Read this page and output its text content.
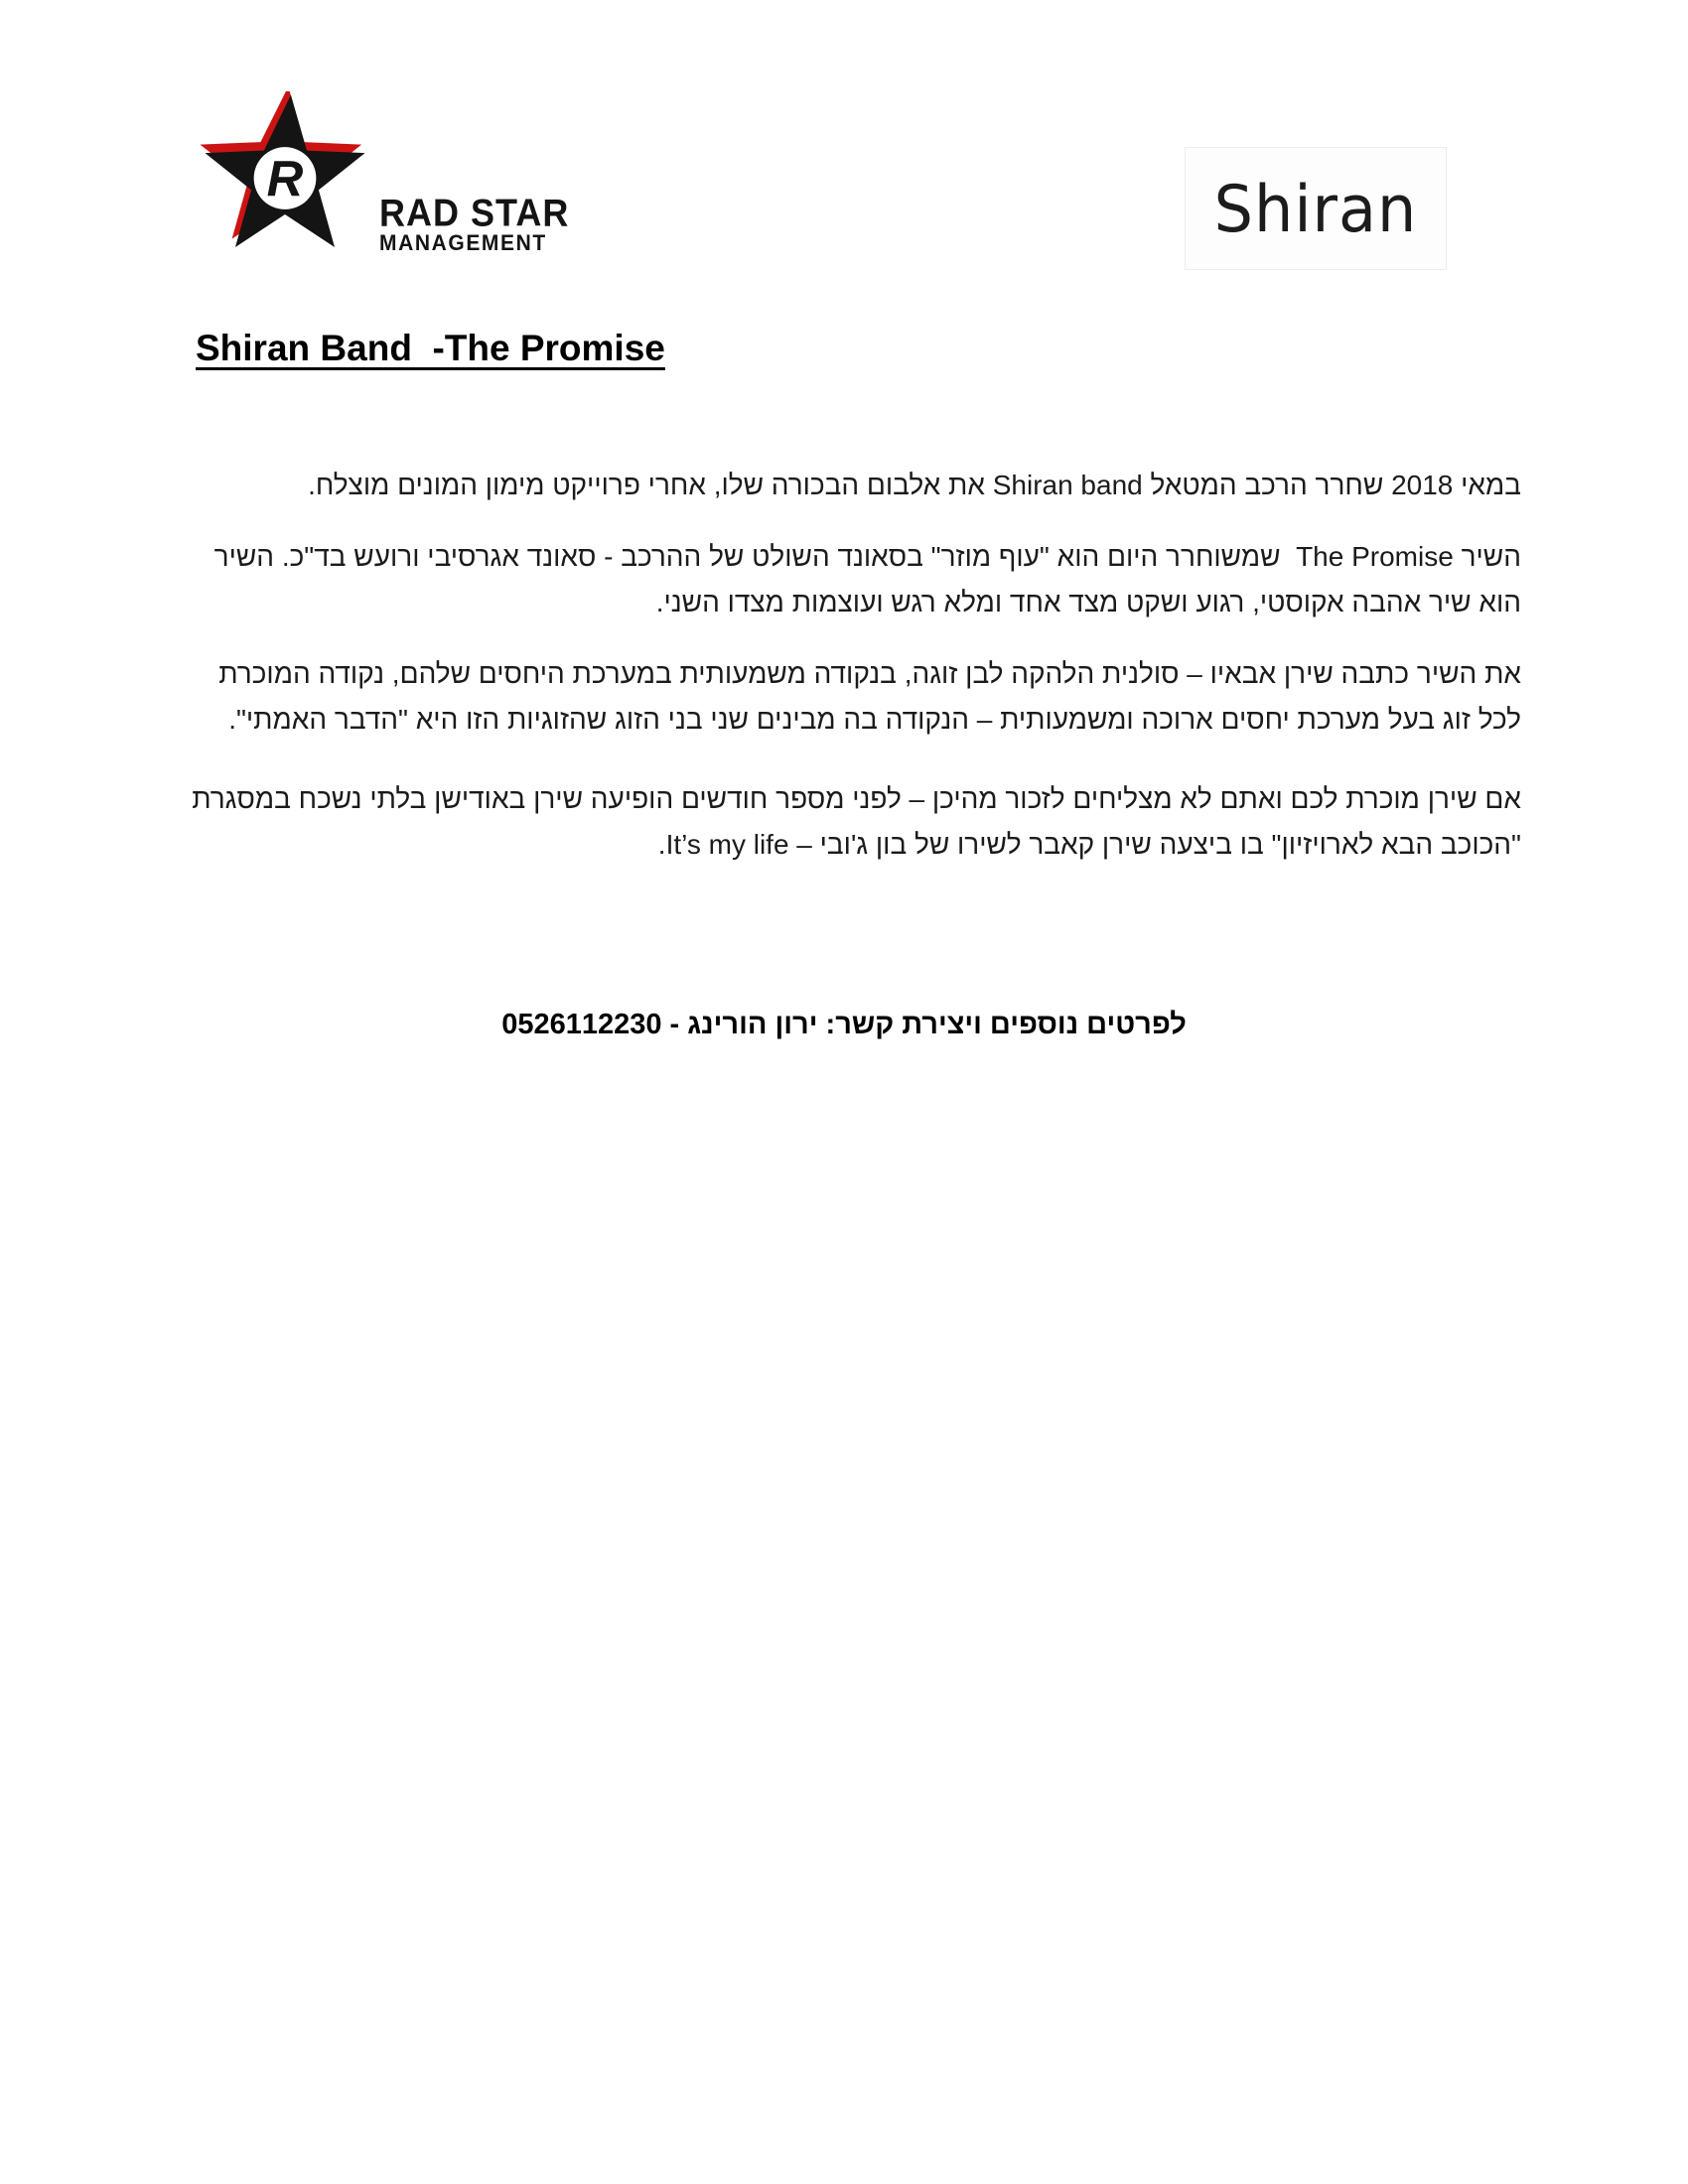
R
RAD STAR
MANAGEMENT	Shiran
Shiran Band  -The Promise

במאי 2018 שחרר הרכב המטאל Shiran band את אלבום הבכורה שלו, אחרי פרוייקט מימון המונים מוצלח.

השיר The Promise  שמשוחרר היום הוא "עוף מוזר" בסאונד השולט של ההרכב - סאונד אגרסיבי ורועש בד"כ. השיר הוא שיר אהבה אקוסטי, רגוע ושקט מצד אחד ומלא רגש ועוצמות מצדו השני.

את השיר כתבה שירן אבאיו – סולנית הלהקה לבן זוגה, בנקודה משמעותית במערכת היחסים שלהם, נקודה המוכרת לכל זוג בעל מערכת יחסים ארוכה ומשמעותית – הנקודה בה מבינים שני בני הזוג שהזוגיות הזו היא "הדבר האמתי".

אם שירן מוכרת לכם ואתם לא מצליחים לזכור מהיכן – לפני מספר חודשים הופיעה שירן באודישן בלתי נשכח במסגרת "הכוכב הבא לארויזיון" בו ביצעה שירן קאבר לשירו של בון ג'ובי – It’s my life.

לפרטים נוספים ויצירת קשר: ירון הורינג - 0526112230
